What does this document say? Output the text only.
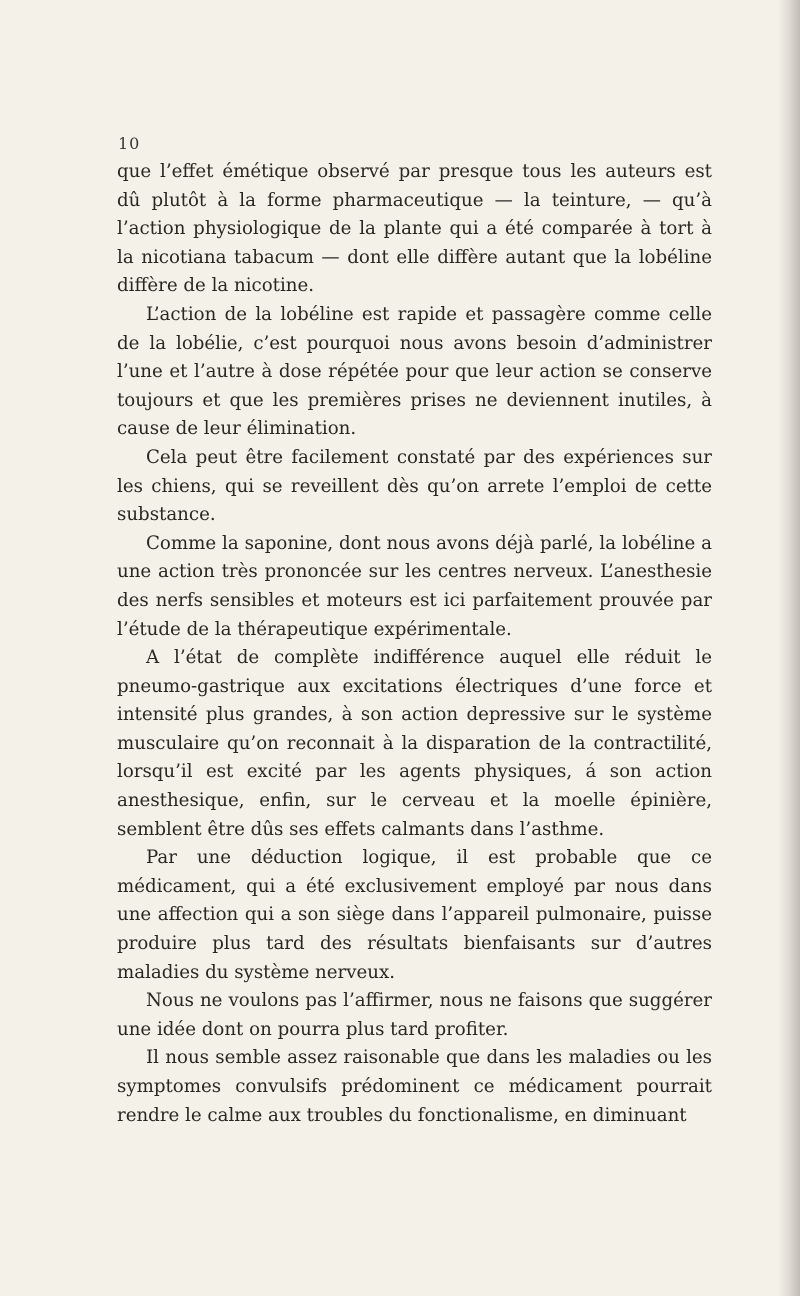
10

que l’effet émétique observé par presque tous les auteurs est dû plutôt à la forme pharmaceutique — la teinture, — qu’à l’action physiologique de la plante qui a été comparée à tort à la nicotiana tabacum — dont elle diffère autant que la lobéline diffère de la nicotine.

L’action de la lobéline est rapide et passagère comme celle de la lobélie, c’est pourquoi nous avons besoin d’administrer l’une et l’autre à dose répétée pour que leur action se conserve toujours et que les premières prises ne deviennent inutiles, à cause de leur élimination.

Cela peut être facilement constaté par des expériences sur les chiens, qui se reveillent dès qu’on arrete l’emploi de cette substance.

Comme la saponine, dont nous avons déjà parlé, la lobéline a une action très prononcée sur les centres nerveux. L’anesthesie des nerfs sensibles et moteurs est ici parfaitement prouvée par l’étude de la thérapeutique expérimentale.

A l’état de complète indifférence auquel elle réduit le pneumo-gastrique aux excitations électriques d’une force et intensité plus grandes, à son action depressive sur le système musculaire qu’on reconnait à la disparation de la contractilité, lorsqu’il est excité par les agents physiques, á son action anesthesique, enfin, sur le cerveau et la moelle épinière, semblent être dûs ses effets calmants dans l’asthme.

Par une déduction logique, il est probable que ce médicament, qui a été exclusivement employé par nous dans une affection qui a son siège dans l’appareil pulmonaire, puisse produire plus tard des résultats bienfaisants sur d’autres maladies du système nerveux.

Nous ne voulons pas l’affirmer, nous ne faisons que suggérer une idée dont on pourra plus tard profiter.

Il nous semble assez raisonable que dans les maladies ou les symptomes convulsifs prédominent ce médicament pourrait rendre le calme aux troubles du fonctionalisme, en diminuant
